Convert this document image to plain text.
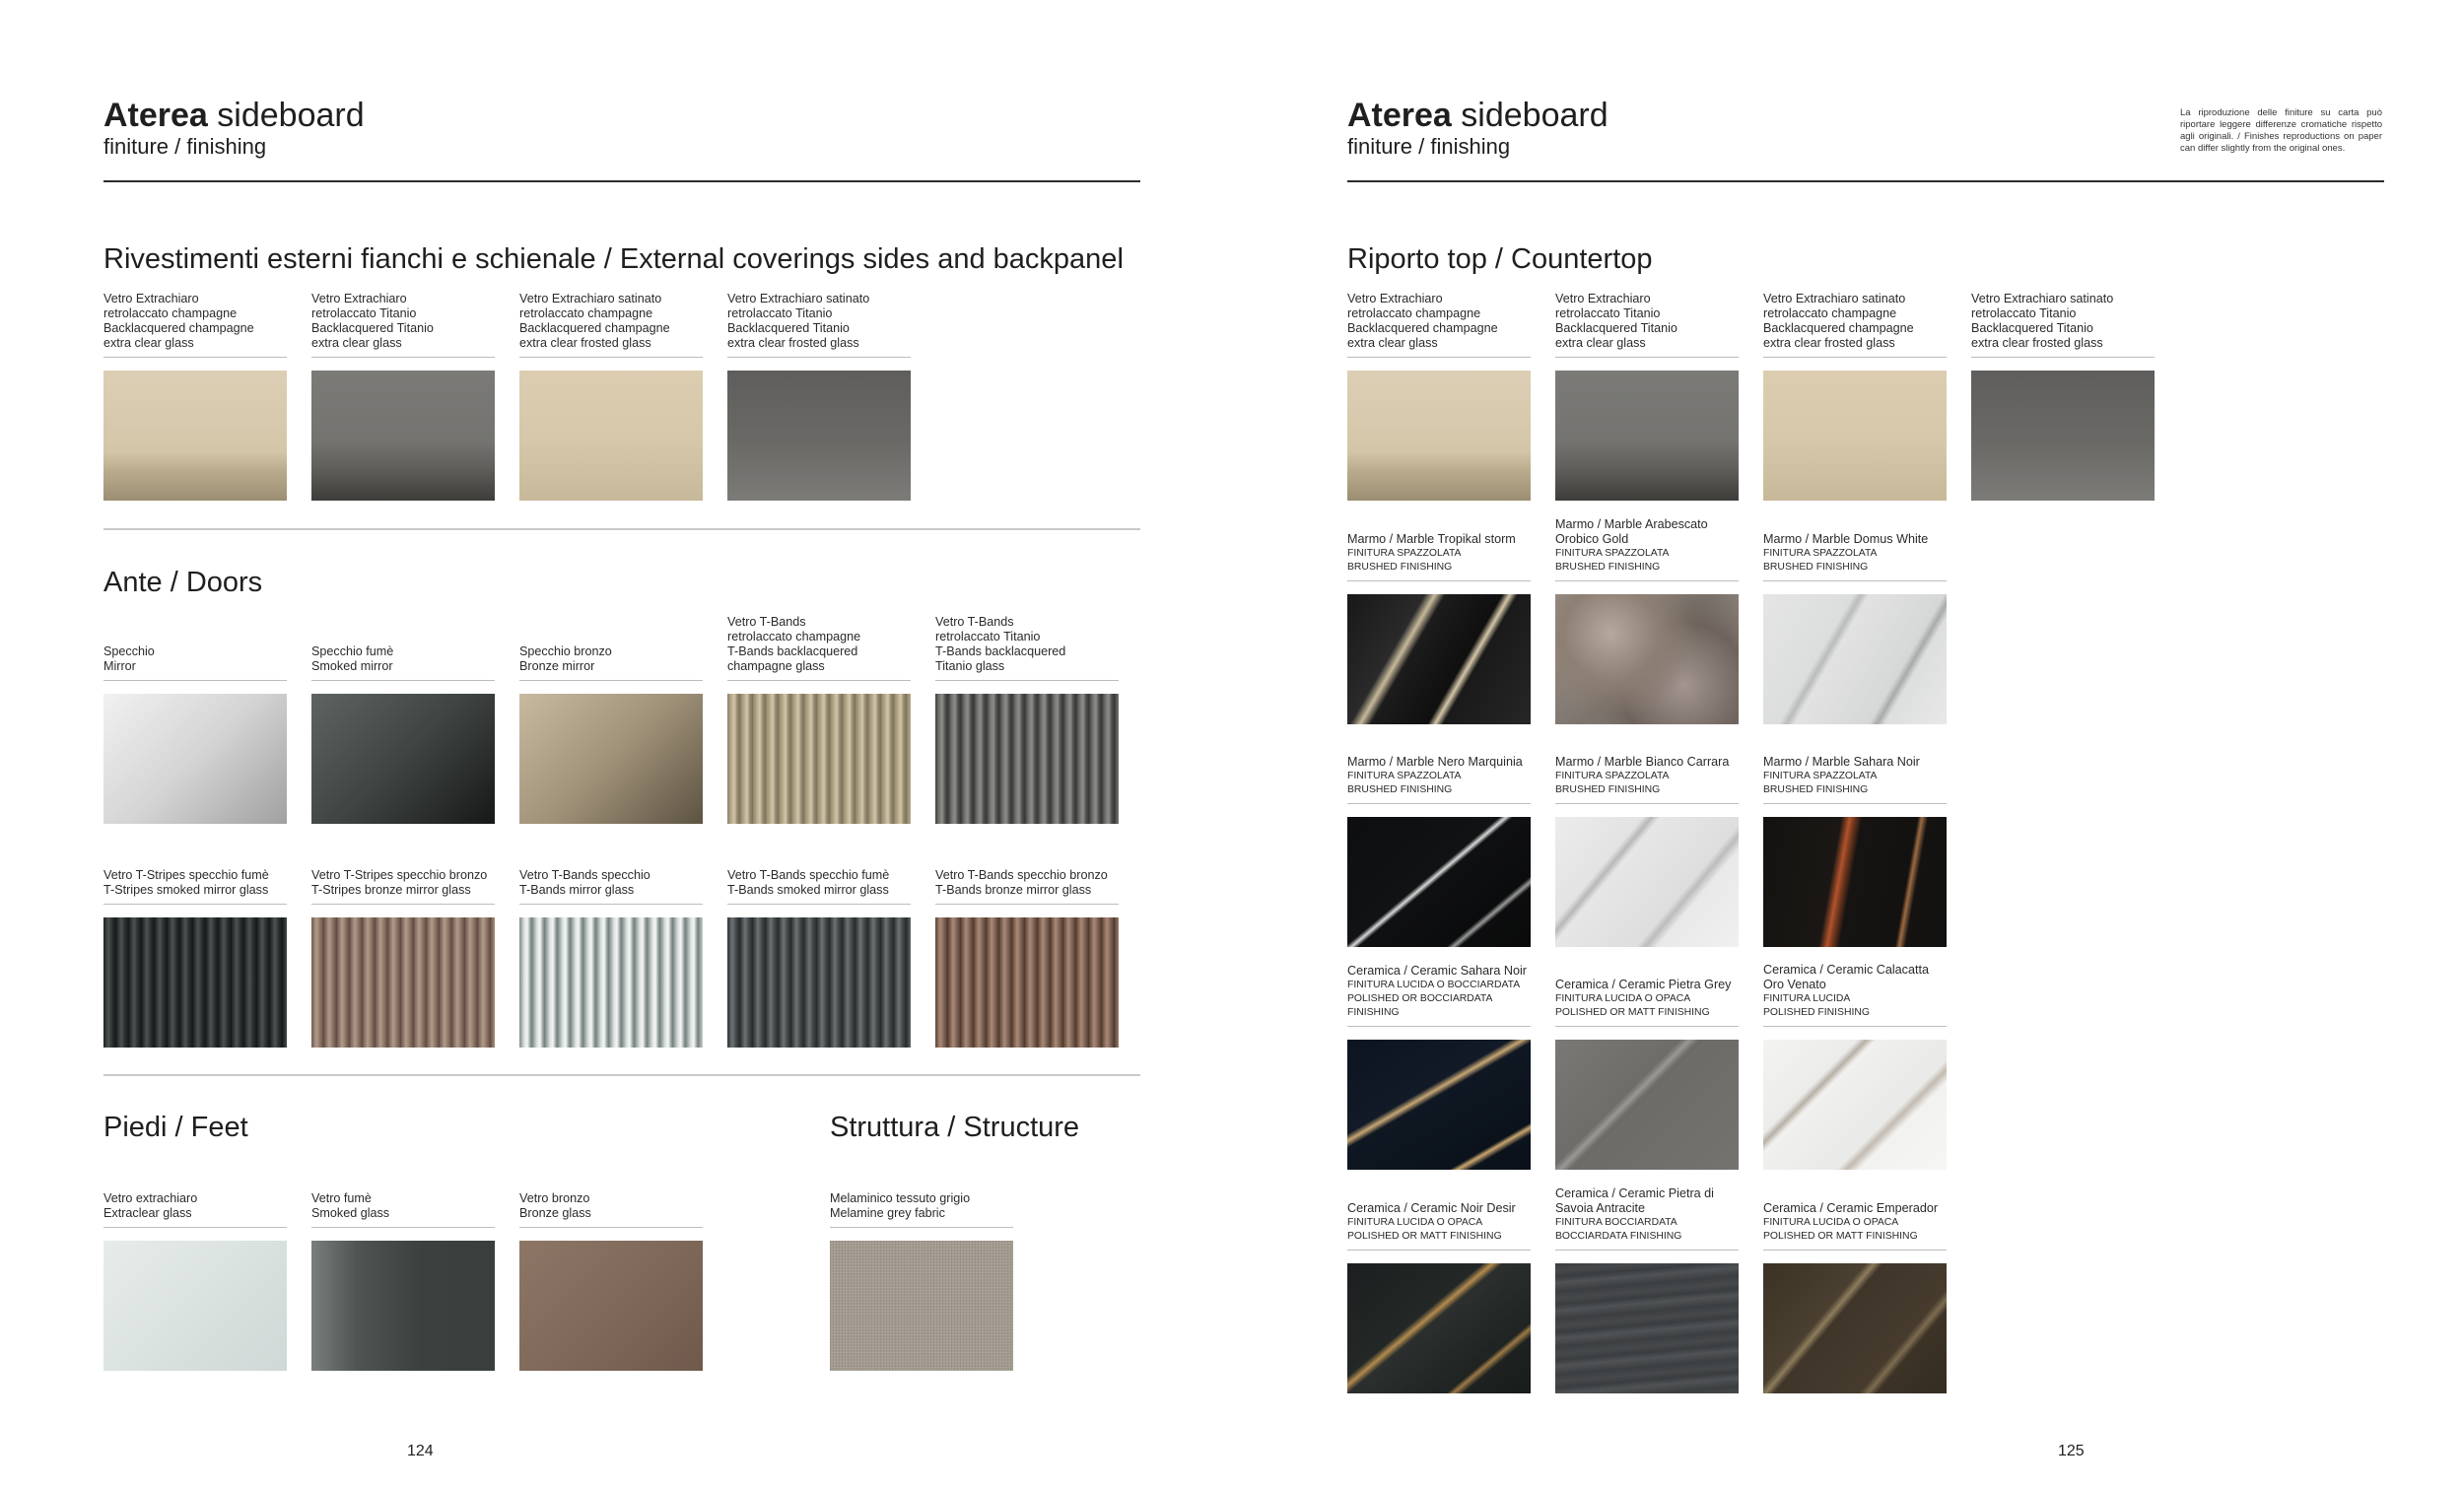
Aterea sideboard
finiture / finishing
Rivestimenti esterni fianchi e schienale / External coverings sides and backpanel
Vetro Extrachiaro
retrolaccato champagne
Backlacquered champagne
extra clear glass
Vetro Extrachiaro
retrolaccato Titanio
Backlacquered Titanio
extra clear glass
Vetro Extrachiaro satinato
retrolaccato champagne
Backlacquered champagne
extra clear frosted glass
Vetro Extrachiaro satinato
retrolaccato Titanio
Backlacquered Titanio
extra clear frosted glass
Ante / Doors
Specchio
Mirror
Specchio fumè
Smoked mirror
Specchio bronzo
Bronze mirror
Vetro T-Bands
retrolaccato champagne
T-Bands backlacquered
champagne glass
Vetro T-Bands
retrolaccato Titanio
T-Bands backlacquered
Titanio glass
Vetro T-Stripes specchio fumè
T-Stripes smoked mirror glass
Vetro T-Stripes specchio bronzo
T-Stripes bronze mirror glass
Vetro T-Bands specchio
T-Bands mirror glass
Vetro T-Bands specchio fumè
T-Bands smoked mirror glass
Vetro T-Bands specchio bronzo
T-Bands bronze mirror glass
Piedi / Feet	Struttura / Structure
Vetro extrachiaro
Extraclear glass
Vetro fumè
Smoked glass
Vetro bronzo
Bronze glass
Melaminico tessuto grigio
Melamine grey fabric
124
Aterea sideboard
finiture / finishing
La riproduzione delle finiture su carta può riportare leggere differenze cromatiche rispetto agli originali. / Finishes reproductions on paper can differ slightly from the original ones.
Riporto top / Countertop
Vetro Extrachiaro
retrolaccato champagne
Backlacquered champagne
extra clear glass
Vetro Extrachiaro
retrolaccato Titanio
Backlacquered Titanio
extra clear glass
Vetro Extrachiaro satinato
retrolaccato champagne
Backlacquered champagne
extra clear frosted glass
Vetro Extrachiaro satinato
retrolaccato Titanio
Backlacquered Titanio
extra clear frosted glass
Marmo / Marble Tropikal storm
FINITURA SPAZZOLATA
BRUSHED FINISHING
Marmo / Marble Arabescato
Orobico Gold
FINITURA SPAZZOLATA
BRUSHED FINISHING
Marmo / Marble Domus White
FINITURA SPAZZOLATA
BRUSHED FINISHING
Marmo / Marble Nero Marquinia
FINITURA SPAZZOLATA
BRUSHED FINISHING
Marmo / Marble Bianco Carrara
FINITURA SPAZZOLATA
BRUSHED FINISHING
Marmo / Marble Sahara Noir
FINITURA SPAZZOLATA
BRUSHED FINISHING
Ceramica / Ceramic Sahara Noir
FINITURA LUCIDA O BOCCIARDATA
POLISHED OR BOCCIARDATA
FINISHING
Ceramica / Ceramic Pietra Grey
FINITURA LUCIDA O OPACA
POLISHED OR MATT FINISHING
Ceramica / Ceramic Calacatta
Oro Venato
FINITURA LUCIDA
POLISHED FINISHING
Ceramica / Ceramic Noir Desir
FINITURA LUCIDA O OPACA
POLISHED OR MATT FINISHING
Ceramica / Ceramic Pietra di
Savoia Antracite
FINITURA BOCCIARDATA
BOCCIARDATA FINISHING
Ceramica / Ceramic Emperador
FINITURA LUCIDA O OPACA
POLISHED OR MATT FINISHING
125
